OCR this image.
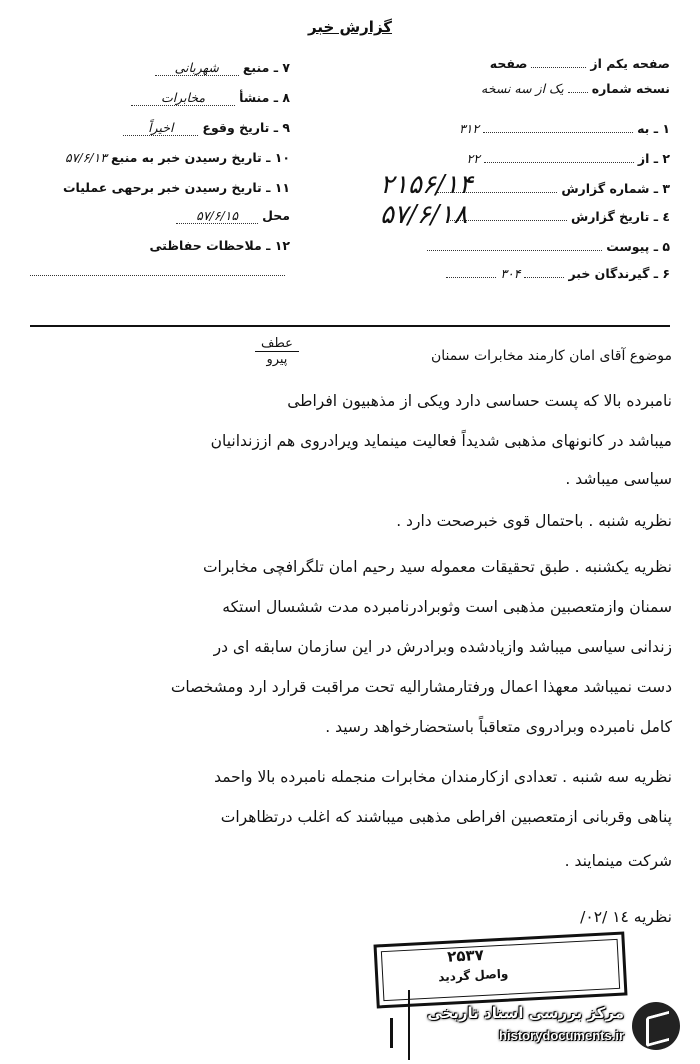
گزارش خبر
صفحه یکم از  صفحه
نسخه شماره  یک از سه نسخه
۱ ـ به  ۳۱۲
۲ ـ از  ۲۲
۳ ـ شماره گزارش
٤ ـ تاریخ گزارش
۵ ـ پیوست
۶ ـ گیرندگان خبر  ۳۰۴
۷ ـ منبع شهربانی
۸ ـ منشأ مخابرات
۹ ـ تاریخ وقوع اخیراً
۱۰ ـ تاریخ رسیدن خبر به منبع ۵۷/۶/۱۳
۱۱ ـ تاریخ رسیدن خبر برحهی عملیات
محل ۵۷/۶/۱۵
۱۲ ـ ملاحظات حفاظتی
۲۱۵۶/۱۴
۵۷/۶/۱۸
عطف
پیرو	موضوع آقای امان کارمند مخابرات سمنان
نامبرده بالا که پست حساسی دارد ویکی از مذهبیون افراطی
میباشد در کانونهای مذهبی شدیداً فعالیت مینماید ویرادروی هم اززندانیان
سیاسی میباشد .
نظریه شنبه . باحتمال قوی خبرصحت دارد .
نظریه یکشنبه . طبق تحقیقات معموله سید رحیم امان تلگرافچی مخابرات
سمنان وازمتعصبین مذهبی است وثوبرادرنامبرده مدت ششسال استکه
زندانی سیاسی میباشد وازیادشده وبرادرش در این سازمان سابقه ای در
دست نمیباشد معهذا اعمال ورفتارمشارالیه تحت مراقبت قرارد ارد ومشخصات
کامل نامبرده وبرادروی متعاقباً باستحضارخواهد رسید .
نظریه سه شنبه . تعدادی ازکارمندان مخابرات منجمله نامبرده بالا واحمد
پناهی وقربانی ازمتعصبین افراطی مذهبی میباشند که اغلب درتظاهرات
شرکت مینمایند .
نظریه ١٤ /۰۲/
۲۵۳۷
واصل گردید
مرکز بررسی اسناد تاریخی
historydocuments.ir
